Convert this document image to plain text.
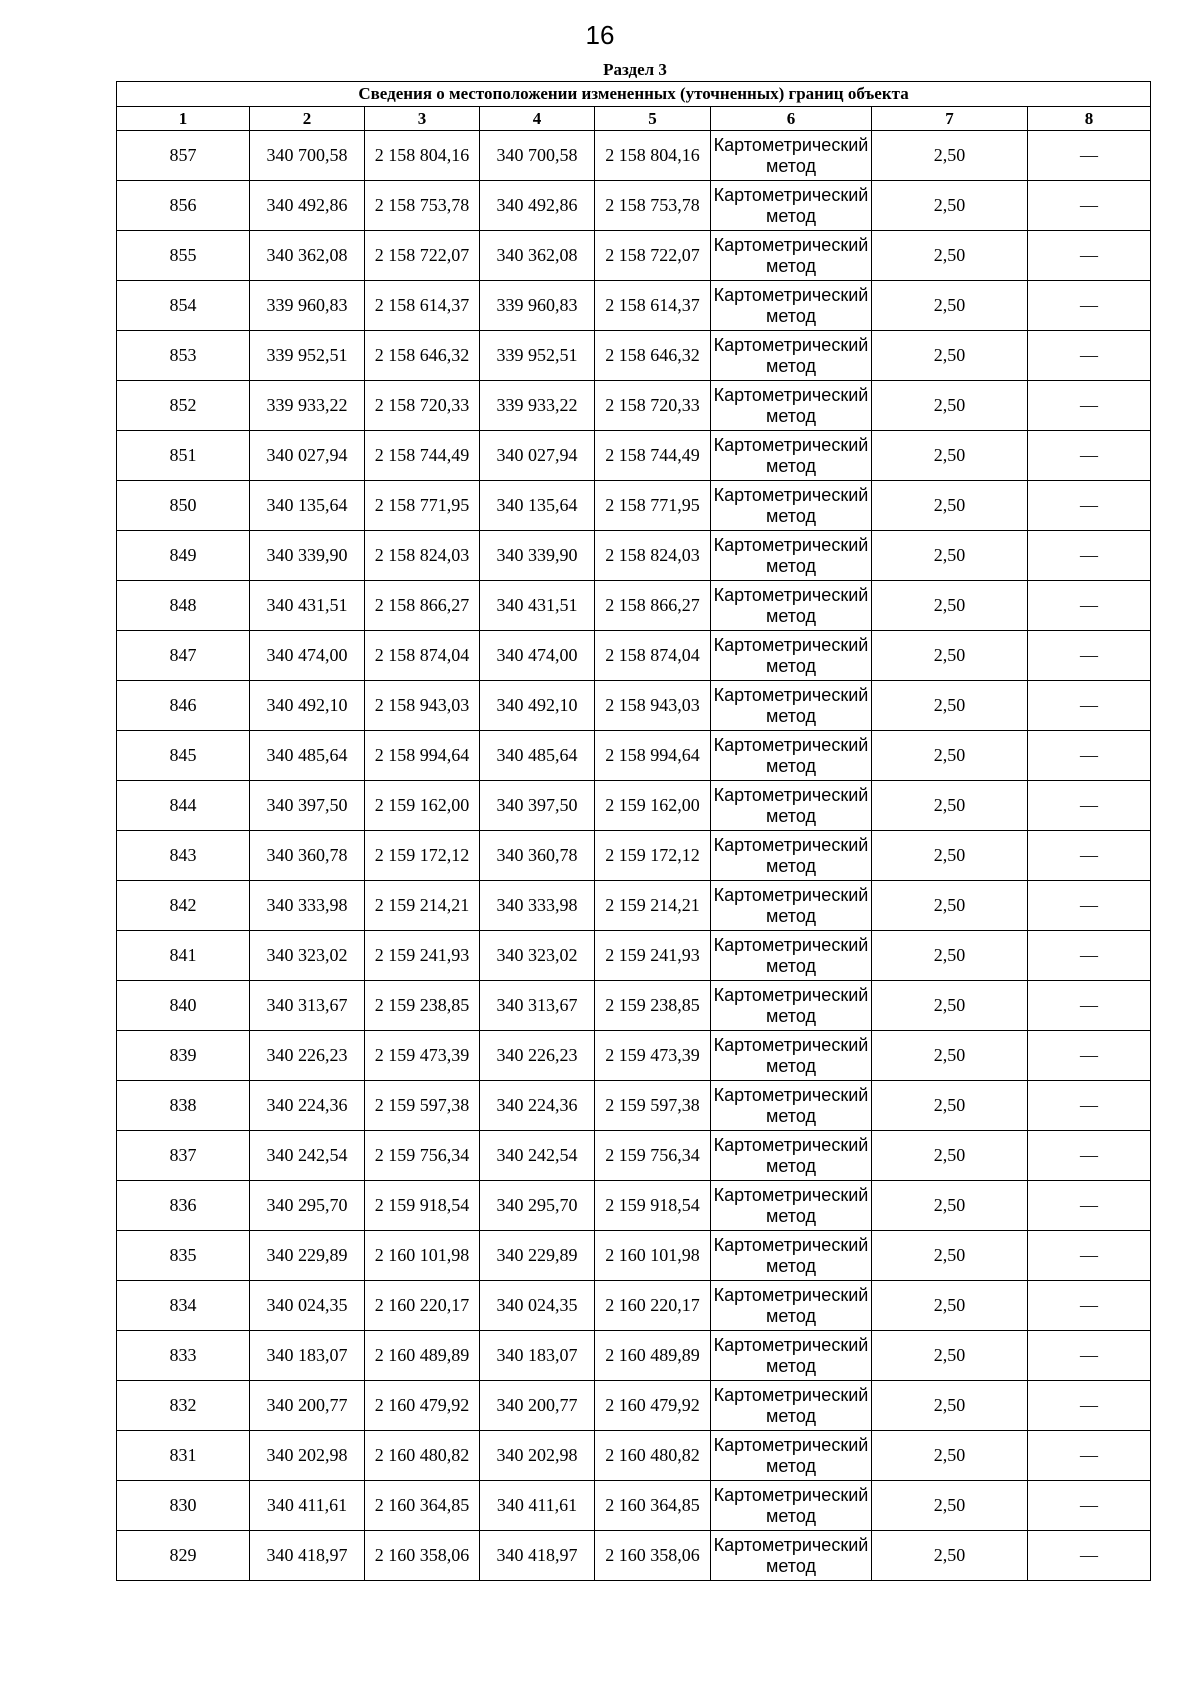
16
Раздел 3
Сведения о местоположении измененных (уточненных) границ объекта							
1	2	3	4	5	6	7	8
857	340 700,58	2 158 804,16	340 700,58	2 158 804,16	Картометрический метод	2,50	—
856	340 492,86	2 158 753,78	340 492,86	2 158 753,78	Картометрический метод	2,50	—
855	340 362,08	2 158 722,07	340 362,08	2 158 722,07	Картометрический метод	2,50	—
854	339 960,83	2 158 614,37	339 960,83	2 158 614,37	Картометрический метод	2,50	—
853	339 952,51	2 158 646,32	339 952,51	2 158 646,32	Картометрический метод	2,50	—
852	339 933,22	2 158 720,33	339 933,22	2 158 720,33	Картометрический метод	2,50	—
851	340 027,94	2 158 744,49	340 027,94	2 158 744,49	Картометрический метод	2,50	—
850	340 135,64	2 158 771,95	340 135,64	2 158 771,95	Картометрический метод	2,50	—
849	340 339,90	2 158 824,03	340 339,90	2 158 824,03	Картометрический метод	2,50	—
848	340 431,51	2 158 866,27	340 431,51	2 158 866,27	Картометрический метод	2,50	—
847	340 474,00	2 158 874,04	340 474,00	2 158 874,04	Картометрический метод	2,50	—
846	340 492,10	2 158 943,03	340 492,10	2 158 943,03	Картометрический метод	2,50	—
845	340 485,64	2 158 994,64	340 485,64	2 158 994,64	Картометрический метод	2,50	—
844	340 397,50	2 159 162,00	340 397,50	2 159 162,00	Картометрический метод	2,50	—
843	340 360,78	2 159 172,12	340 360,78	2 159 172,12	Картометрический метод	2,50	—
842	340 333,98	2 159 214,21	340 333,98	2 159 214,21	Картометрический метод	2,50	—
841	340 323,02	2 159 241,93	340 323,02	2 159 241,93	Картометрический метод	2,50	—
840	340 313,67	2 159 238,85	340 313,67	2 159 238,85	Картометрический метод	2,50	—
839	340 226,23	2 159 473,39	340 226,23	2 159 473,39	Картометрический метод	2,50	—
838	340 224,36	2 159 597,38	340 224,36	2 159 597,38	Картометрический метод	2,50	—
837	340 242,54	2 159 756,34	340 242,54	2 159 756,34	Картометрический метод	2,50	—
836	340 295,70	2 159 918,54	340 295,70	2 159 918,54	Картометрический метод	2,50	—
835	340 229,89	2 160 101,98	340 229,89	2 160 101,98	Картометрический метод	2,50	—
834	340 024,35	2 160 220,17	340 024,35	2 160 220,17	Картометрический метод	2,50	—
833	340 183,07	2 160 489,89	340 183,07	2 160 489,89	Картометрический метод	2,50	—
832	340 200,77	2 160 479,92	340 200,77	2 160 479,92	Картометрический метод	2,50	—
831	340 202,98	2 160 480,82	340 202,98	2 160 480,82	Картометрический метод	2,50	—
830	340 411,61	2 160 364,85	340 411,61	2 160 364,85	Картометрический метод	2,50	—
829	340 418,97	2 160 358,06	340 418,97	2 160 358,06	Картометрический метод	2,50	—
